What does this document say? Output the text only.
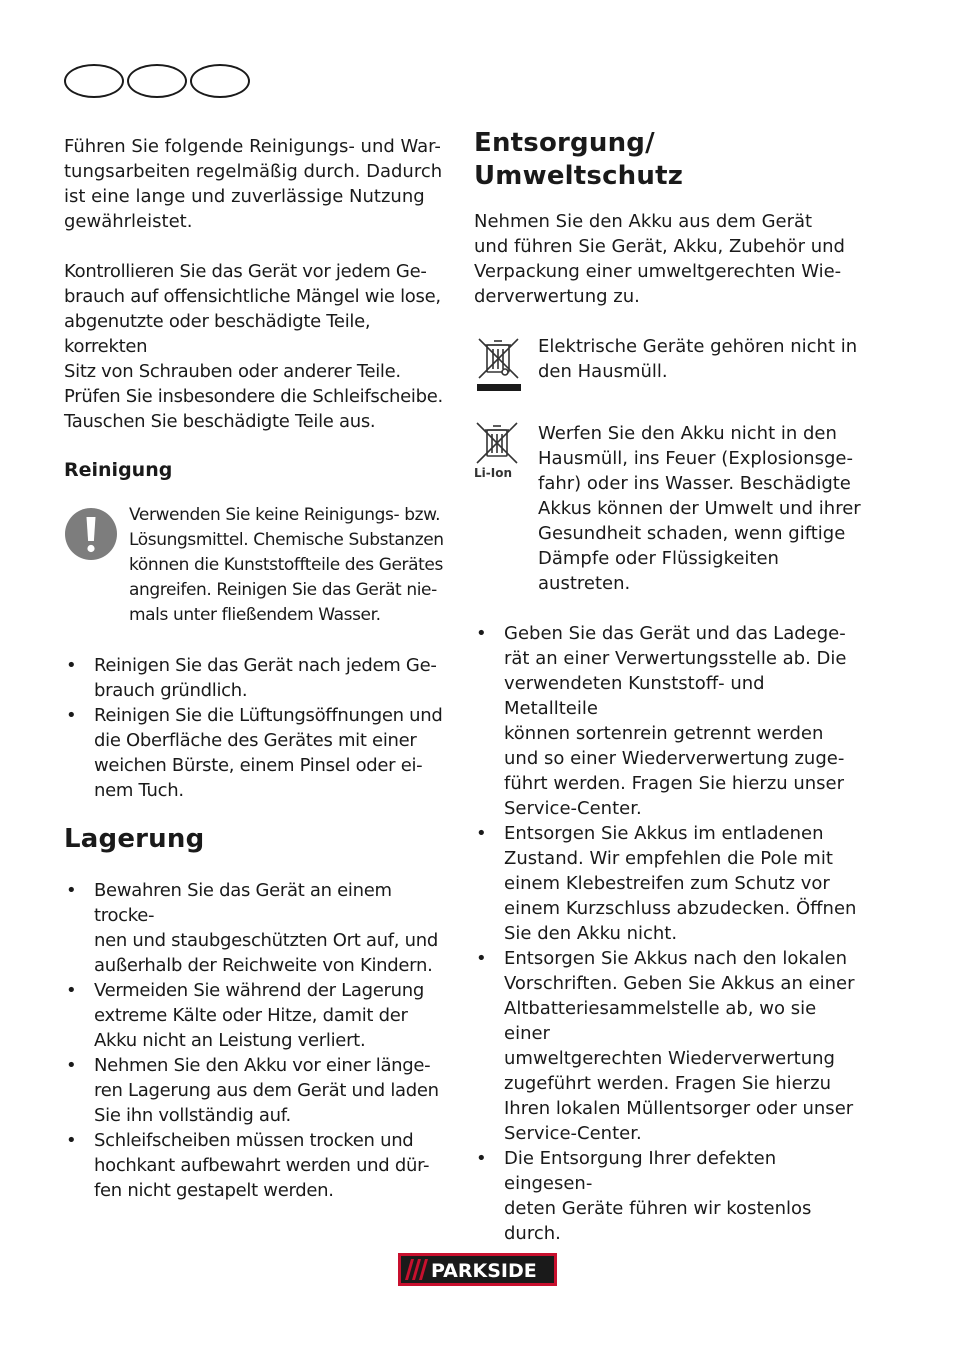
Führen Sie folgende Reinigungs- und War-

tungsarbeiten regelmäßig durch. Dadurch

ist eine lange und zuverlässige Nutzung

gewährleistet.

Kontrollieren Sie das Gerät vor jedem Ge-

brauch auf offensichtliche Mängel wie lose,

abgenutzte oder beschädigte Teile, korrekten

Sitz von Schrauben oder anderer Teile.

Prüfen Sie insbesondere die Schleifscheibe.

Tauschen Sie beschädigte Teile aus.

Reinigung

Verwenden Sie keine Reinigungs- bzw.

Lösungsmittel. Chemische Substanzen

können die Kunststoffteile des Gerätes

angreifen. Reinigen Sie das Gerät nie-

mals unter fließendem Wasser.

• Reinigen Sie das Gerät nach jedem Ge-
brauch gründlich.
• Reinigen Sie die Lüftungsöffnungen und
die Oberfläche des Gerätes mit einer
weichen Bürste, einem Pinsel oder ei-
nem Tuch.
Lagerung
• Bewahren Sie das Gerät an einem trocke-
nen und staubgeschützten Ort auf, und
außerhalb der Reichweite von Kindern.
• Vermeiden Sie während der Lagerung
extreme Kälte oder Hitze, damit der
Akku nicht an Leistung verliert.
• Nehmen Sie den Akku vor einer länge-
ren Lagerung aus dem Gerät und laden
Sie ihn vollständig auf.
• Schleifscheiben müssen trocken und
hochkant aufbewahrt werden und dür-
fen nicht gestapelt werden.
Entsorgung/
Umweltschutz

Nehmen Sie den Akku aus dem Gerät

und führen Sie Gerät, Akku, Zubehör und

Verpackung einer umweltgerechten Wie-

derverwertung zu.

Elektrische Geräte gehören nicht in

den Hausmüll.

Li-Ion

Werfen Sie den Akku nicht in den

Hausmüll, ins Feuer (Explosionsge-

fahr) oder ins Wasser. Beschädigte

Akkus können der Umwelt und ihrer

Gesundheit schaden, wenn giftige

Dämpfe oder Flüssigkeiten austreten.

• Geben Sie das Gerät und das Ladege-
rät an einer Verwertungsstelle ab. Die
verwendeten Kunststoff- und Metallteile
können sortenrein getrennt werden
und so einer Wiederverwertung zuge-
führt werden. Fragen Sie hierzu unser
Service-Center.
• Entsorgen Sie Akkus im entladenen
Zustand. Wir empfehlen die Pole mit
einem Klebestreifen zum Schutz vor
einem Kurzschluss abzudecken. Öffnen
Sie den Akku nicht.
• Entsorgen Sie Akkus nach den lokalen
Vorschriften. Geben Sie Akkus an einer
Altbatteriesammelstelle ab, wo sie einer
umweltgerechten Wiederverwertung
zugeführt werden. Fragen Sie hierzu
Ihren lokalen Müllentsorger oder unser
Service-Center.
• Die Entsorgung Ihrer defekten eingesen-
deten Geräte führen wir kostenlos durch.
PARKSIDE
